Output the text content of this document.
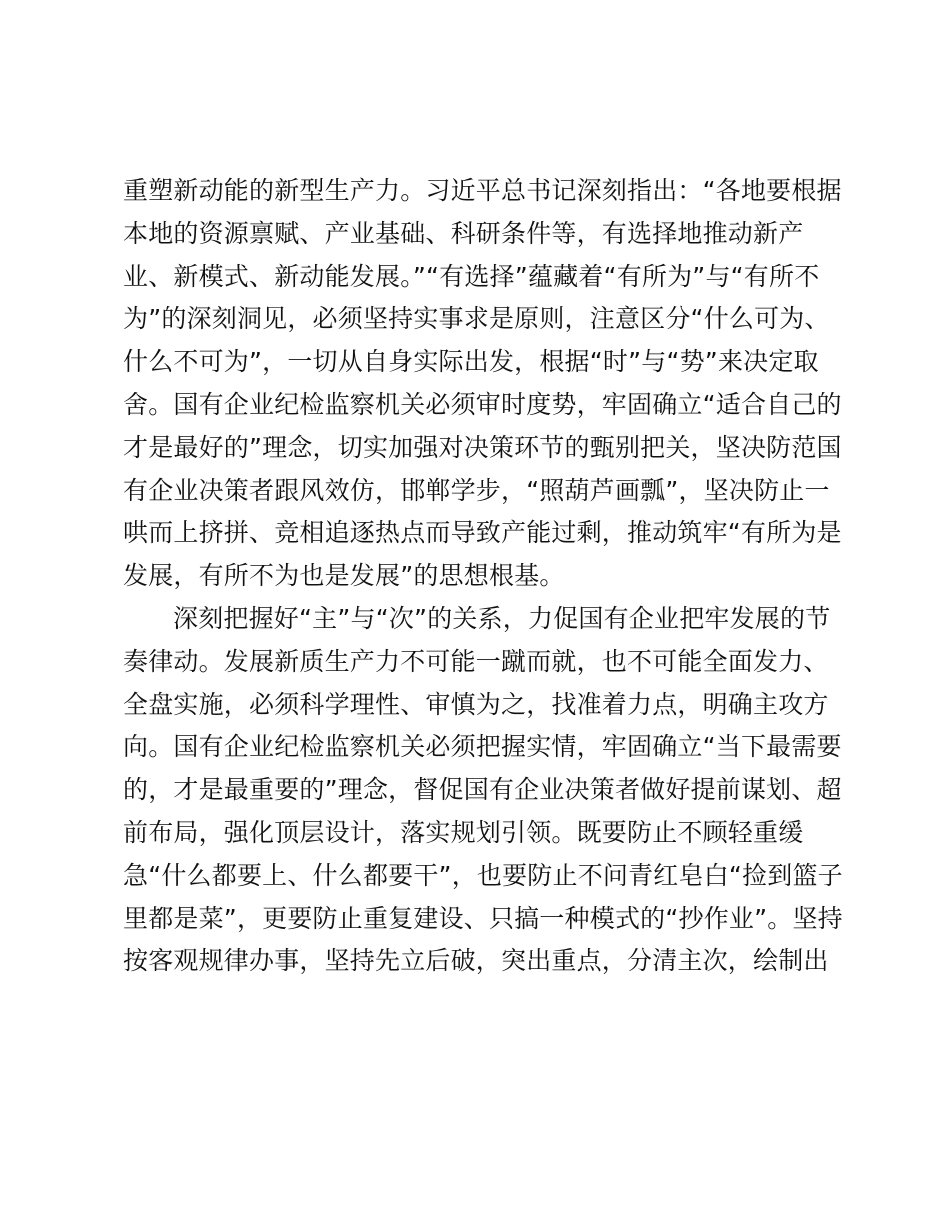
重塑新动能的新型生产力。习近平总书记深刻指出：“各地要根据
本地的资源禀赋、产业基础、科研条件等，有选择地推动新产
业、新模式、新动能发展。”“有选择”蕴藏着“有所为”与“有所不
为”的深刻洞见，必须坚持实事求是原则，注意区分“什么可为、
什么不可为”，一切从自身实际出发，根据“时”与“势”来决定取
舍。国有企业纪检监察机关必须审时度势，牢固确立“适合自己的
才是最好的”理念，切实加强对决策环节的甄别把关，坚决防范国
有企业决策者跟风效仿，邯郸学步，“照葫芦画瓢”，坚决防止一
哄而上挤拼、竞相追逐热点而导致产能过剩，推动筑牢“有所为是
发展，有所不为也是发展”的思想根基。
深刻把握好“主”与“次”的关系，力促国有企业把牢发展的节
奏律动。发展新质生产力不可能一蹴而就，也不可能全面发力、
全盘实施，必须科学理性、审慎为之，找准着力点，明确主攻方
向。国有企业纪检监察机关必须把握实情，牢固确立“当下最需要
的，才是最重要的”理念，督促国有企业决策者做好提前谋划、超
前布局，强化顶层设计，落实规划引领。既要防止不顾轻重缓
急“什么都要上、什么都要干”，也要防止不问青红皂白“捡到篮子
里都是菜”，更要防止重复建设、只搞一种模式的“抄作业”。坚持
按客观规律办事，坚持先立后破，突出重点，分清主次，绘制出
